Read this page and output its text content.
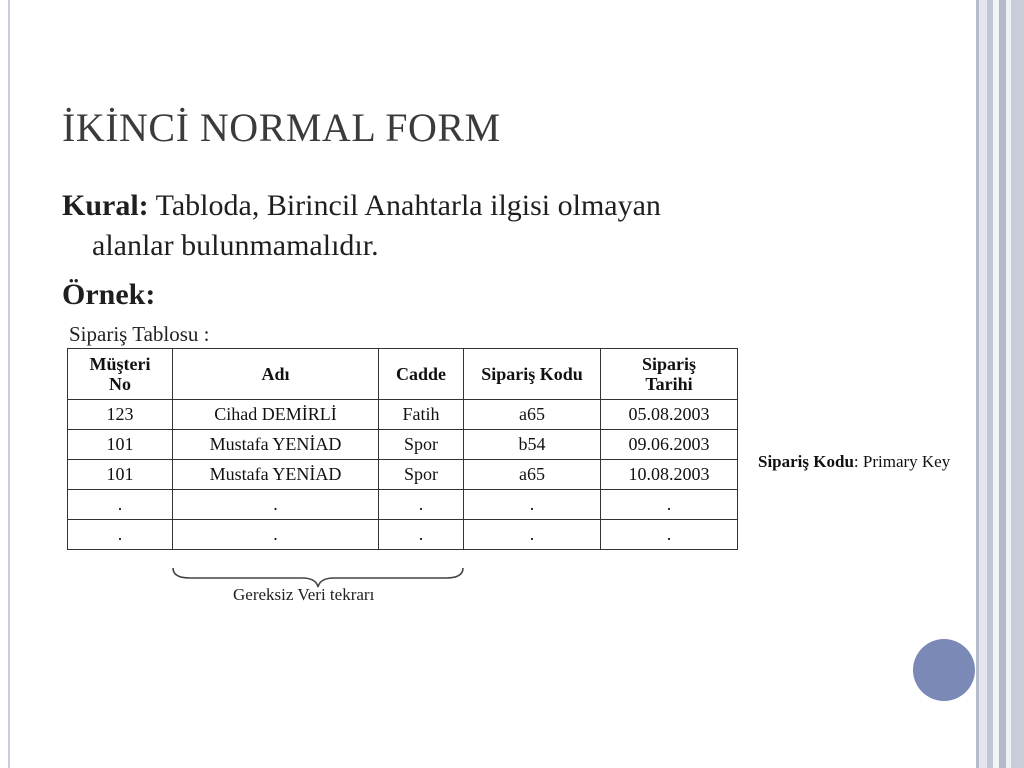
İKİNCİ NORMAL FORM
Kural: Tabloda, Birincil Anahtarla ilgisi olmayan
alanlar bulunmamalıdır.
Örnek:
Sipariş Tablosu :
Müşteri
No	Adı	Cadde	Sipariş Kodu	Sipariş
Tarihi
123	Cihad DEMİRLİ	Fatih	a65	05.08.2003
101	Mustafa YENİAD	Spor	b54	09.06.2003
101	Mustafa YENİAD	Spor	a65	10.08.2003
.	.	.	.	.
.	.	.	.	.
Sipariş Kodu: Primary Key
Gereksiz Veri tekrarı
